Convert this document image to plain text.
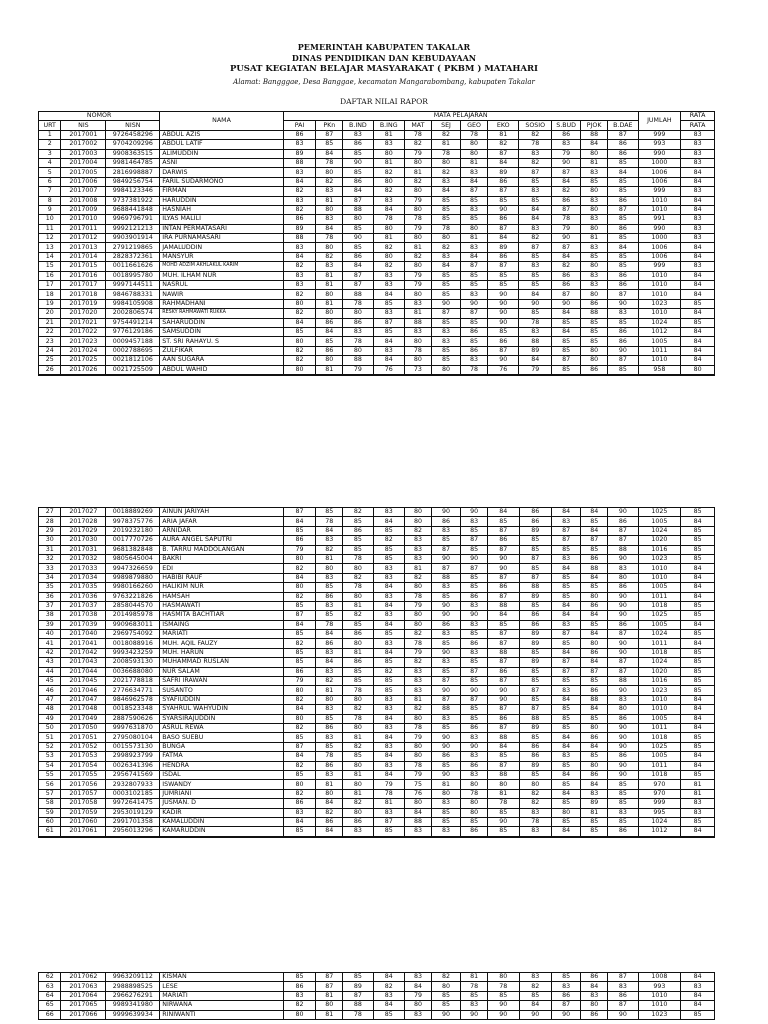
PEMERINTAH KABUPATEN TAKALAR
DINAS PENDIDIKAN DAN KEBUDAYAAN
PUSAT KEGIATAN BELAJAR MASYARAKAT ( PKBM ) MATAHARI
Alamat: Bangggae, Desa Banggae, kecamatan Mangarabombang, kabupaten Takalar
DAFTAR NILAI RAPOR
NOMOR			NAMA	MATA PELAJARAN												JUMLAH	RATA
URT	NIS	NISN		PAI	PKn	B.IND	B.ING	MAT	SEJ	GEO	EKO	SOSIO	S.BUD	PJOK	B.DAE		RATA
1	2017001	9726458296	ABDUL AZIS	86	87	83	81	78	82	78	81	82	86	88	87	999	83
2	2017002	9704209296	ABDUL LATIF	83	85	86	83	82	81	80	82	78	83	84	86	993	83
3	2017003	9908363515	ALIMUDDIN	89	84	85	80	79	78	80	87	83	79	80	86	990	83
4	2017004	9981464785	ASNI	88	78	90	81	80	80	81	84	82	90	81	85	1000	83
5	2017005	2816998887	DARWIS	83	80	85	82	81	82	83	89	87	87	83	84	1006	84
6	2017006	9849256754	FARIL SUDARMONO	84	82	86	80	82	83	84	86	85	84	85	85	1006	84
7	2017007	9984123346	FIRMAN	82	83	84	82	80	84	87	87	83	82	80	85	999	83
8	2017008	9737381922	HARUDDIN	83	81	87	83	79	85	85	85	85	86	83	86	1010	84
9	2017009	9688441848	HASNIAH	82	80	88	84	80	85	83	90	84	87	80	87	1010	84
10	2017010	9969796791	ILYAS MALILI	86	83	80	78	78	85	85	86	84	78	83	85	991	83
11	2017011	9992121213	INTAN PERMATASARI	89	84	85	80	79	78	80	87	83	79	80	86	990	83
12	2017012	9903901914	IRA PURNAMASARI	88	78	90	81	80	80	81	84	82	90	81	85	1000	83
13	2017013	2791219865	JAMALUDDIN	83	80	85	82	81	82	83	89	87	87	83	84	1006	84
14	2017014	2828372361	MANSYUR	84	82	86	80	82	83	84	86	85	84	85	85	1006	84
15	2017015	0011661626	MOHD ADZIM AKHLAKUL KARIM	82	83	84	82	80	84	87	87	83	82	80	85	999	83
16	2017016	0018995780	MUH. ILHAM NUR	83	81	87	83	79	85	85	85	85	86	83	86	1010	84
17	2017017	9997144511	NASRUL	83	81	87	83	79	85	85	85	85	86	83	86	1010	84
18	2017018	9846788331	NAWIR	82	80	88	84	80	85	83	90	84	87	80	87	1010	84
19	2017019	9984105908	RAHMADHANI	80	81	78	85	83	90	90	90	90	90	86	90	1023	85
20	2017020	2002806574	RESKY RAHMAWATI RUKKA	82	80	80	83	81	87	87	90	85	84	88	83	1010	84
21	2017021	9754491214	SAHARUDDIN	84	86	86	87	88	85	85	90	78	85	85	85	1024	85
22	2017022	9776129186	SAMSUDDIN	85	84	83	85	83	83	86	85	83	84	85	86	1012	84
23	2017023	0009457188	ST. SRI RAHAYU. S	80	85	78	84	80	83	85	86	88	85	85	86	1005	84
24	2017024	0002788695	ZULFIKAR	82	86	80	83	78	85	86	87	89	85	80	90	1011	84
25	2017025	0021812106	AAN SUGARA	82	80	88	84	80	85	83	90	84	87	80	87	1010	84
26	2017026	0021725509	ABDUL WAHID	80	81	79	76	73	80	78	76	79	85	86	85	958	80
27	2017027	0018889269	AINUN JARIYAH	87	85	82	83	80	90	90	84	86	84	84	90	1025	85
28	2017028	9978375776	ARIA JAFAR	84	78	85	84	80	86	83	85	86	83	85	86	1005	84
29	2017029	2019232180	ARNIDAR	85	84	86	85	82	83	85	87	89	87	84	87	1024	85
30	2017030	0017770726	AURA ANGEL SAPUTRI	86	83	85	82	83	85	87	86	85	87	87	87	1020	85
31	2017031	9681382848	B. TARRU MADDOLANGAN	79	82	85	85	83	87	85	87	85	85	85	88	1016	85
32	2017032	9805645004	BAKRI	80	81	78	85	83	90	90	90	87	83	86	90	1023	85
33	2017033	9947326659	EDI	82	80	80	83	81	87	87	90	85	84	88	83	1010	84
34	2017034	9989879880	HABIBI RAUF	84	83	82	83	82	88	85	87	87	85	84	80	1010	84
35	2017035	9980166260	HALIKIM NUR	80	85	78	84	80	83	85	86	88	85	85	86	1005	84
36	2017036	9763221826	HAMSAH	82	86	80	83	78	85	86	87	89	85	80	90	1011	84
37	2017037	2858044570	HASMAWATI	85	83	81	84	79	90	83	88	85	84	86	90	1018	85
38	2017038	2014985978	HASMITA BACHTIAR	87	85	82	83	80	90	90	84	86	84	84	90	1025	85
39	2017039	9909683011	ISMAING	84	78	85	84	80	86	83	85	86	83	85	86	1005	84
40	2017040	2969754092	MARIATI	85	84	86	85	82	83	85	87	89	87	84	87	1024	85
41	2017041	0018088916	MUH. AQIL FAUZY	82	86	80	83	78	85	86	87	89	85	80	90	1011	84
42	2017042	9993423259	MUH. HARUN	85	83	81	84	79	90	83	88	85	84	86	90	1018	85
43	2017043	2008593130	MUHAMMAD RUSLAN	85	84	86	85	82	83	85	87	89	87	84	87	1024	85
44	2017044	0036688080	NUR SALAM	86	83	85	82	83	85	87	86	85	87	87	87	1020	85
45	2017045	2021778818	SAFRI IRAWAN	79	82	85	85	83	87	85	87	85	85	85	88	1016	85
46	2017046	2776634771	SUSANTO	80	81	78	85	83	90	90	90	87	83	86	90	1023	85
47	2017047	9846962578	SYAFIUDDIN	82	80	80	83	81	87	87	90	85	84	88	83	1010	84
48	2017048	0018523348	SYAHRUL WAHYUDIN	84	83	82	83	82	88	85	87	87	85	84	80	1010	84
49	2017049	2887590626	SYARSIRAJUDDIN	80	85	78	84	80	83	85	86	88	85	85	86	1005	84
50	2017050	9997631870	ASRUL REWA	82	86	80	83	78	85	86	87	89	85	80	90	1011	84
51	2017051	2795080104	BASO SUEBU	85	83	81	84	79	90	83	88	85	84	86	90	1018	85
52	2017052	0015573130	BUNGA	87	85	82	83	80	90	90	84	86	84	84	90	1025	85
53	2017053	2998923799	FATMA	84	78	85	84	80	86	83	85	86	83	85	86	1005	84
54	2017054	0026341396	HENDRA	82	86	80	83	78	85	86	87	89	85	80	90	1011	84
55	2017055	2956741569	ISDAL	85	83	81	84	79	90	83	88	85	84	86	90	1018	85
56	2017056	2932807933	ISWANDY	80	81	80	79	75	81	80	80	80	85	84	85	970	81
57	2017057	0003102185	JUMRIANI	82	80	81	78	76	80	78	81	82	84	83	85	970	81
58	2017058	9972641475	JUSMAN. D	86	84	82	81	80	83	80	78	82	85	89	85	999	83
59	2017059	2953019129	KADIR	83	82	80	83	84	85	80	85	83	80	81	83	995	83
60	2017060	2991701358	KAMALUDDIN	84	86	86	87	88	85	85	90	78	85	85	85	1024	85
61	2017061	2956013296	KAMARUDDIN	85	84	83	85	83	83	86	85	83	84	85	86	1012	84
62	2017062	9963209112	KISMAN	85	87	85	84	83	82	81	80	83	85	86	87	1008	84
63	2017063	2988898525	LESE	86	87	89	82	84	80	78	78	82	83	84	83	993	83
64	2017064	2966276291	MARIATI	83	81	87	83	79	85	85	85	85	86	83	86	1010	84
65	2017065	9989341980	NIRWANA	82	80	88	84	80	85	83	90	84	87	80	87	1010	84
66	2017066	9999639934	RINIWANTI	80	81	78	85	83	90	90	90	90	90	86	90	1023	85
